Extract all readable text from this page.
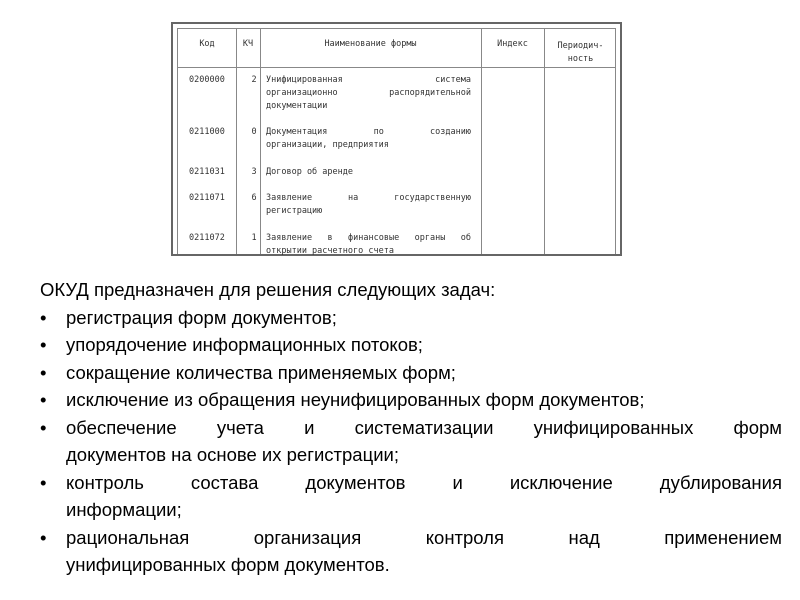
Код	КЧ	Наименование формы	Индекс	Периодич-
ность
0200000	2	Унифицированная система
организационно распорядительной
документации
0211000	0	Документация по созданию
организации, предприятия
0211031	3	Договор об аренде
0211071	6	Заявление на государственную
регистрацию
0211072	1	Заявление в финансовые органы об
открытии расчетного счета

ОКУД предназначен для решения следующих задач:

• регистрация форм документов;
• упорядочение информационных потоков;
• сокращение количества применяемых форм;
• исключение из обращения неунифицированных форм документов;
• обеспечение учета и систематизации унифицированных форм
документов на основе их регистрации;
• контроль состава документов и исключение дублирования
информации;
• рациональная организация контроля над применением
унифицированных форм документов.
